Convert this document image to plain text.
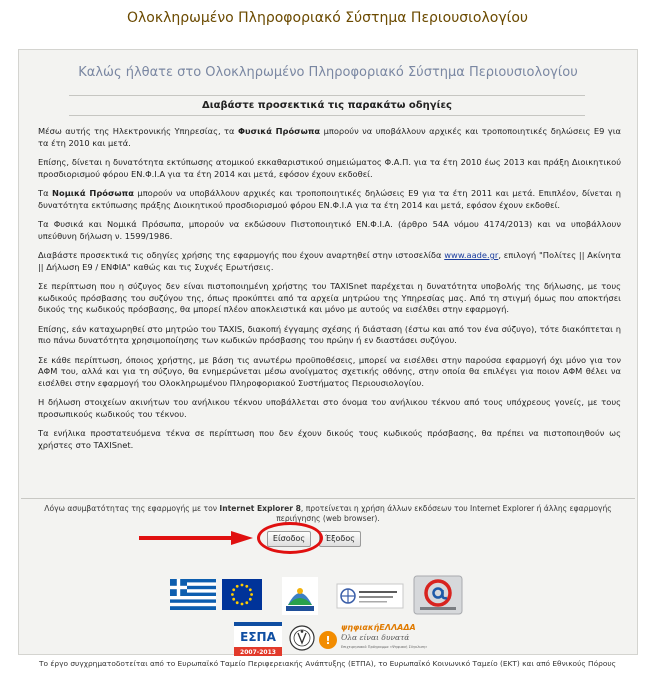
Ολοκληρωμένο Πληροφοριακό Σύστημα Περιουσιολογίου
Καλώς ήλθατε στο Ολοκληρωμένο Πληροφοριακό Σύστημα Περιουσιολογίου
Διαβάστε προσεκτικά τις παρακάτω οδηγίες

Μέσω αυτής της Ηλεκτρονικής Υπηρεσίας, τα Φυσικά Πρόσωπα μπορούν να υποβάλλουν αρχικές και τροποποιητικές δηλώσεις Ε9 για τα έτη 2010 και μετά.

Επίσης, δίνεται η δυνατότητα εκτύπωσης ατομικού εκκαθαριστικού σημειώματος Φ.Α.Π. για τα έτη 2010 έως 2013 και πράξη Διοικητικού προσδιορισμού φόρου ΕΝ.Φ.Ι.Α για τα έτη 2014 και μετά, εφόσον έχουν εκδοθεί.

Τα Νομικά Πρόσωπα μπορούν να υποβάλλουν αρχικές και τροποποιητικές δηλώσεις Ε9 για τα έτη 2011 και μετά. Επιπλέον, δίνεται η δυνατότητα εκτύπωσης πράξης Διοικητικού προσδιορισμού φόρου ΕΝ.Φ.Ι.Α για τα έτη 2014 και μετά, εφόσον έχουν εκδοθεί.

Τα Φυσικά και Νομικά Πρόσωπα, μπορούν να εκδώσουν Πιστοποιητικό ΕΝ.Φ.Ι.Α. (άρθρο 54Α νόμου 4174/2013) και να υποβάλλουν υπεύθυνη δήλωση ν. 1599/1986.

Διαβάστε προσεκτικά τις οδηγίες χρήσης της εφαρμογής που έχουν αναρτηθεί στην ιστοσελίδα www.aade.gr, επιλογή "Πολίτες || Ακίνητα || Δήλωση Ε9 / ΕΝΦΙΑ" καθώς και τις Συχνές Ερωτήσεις.

Σε περίπτωση που η σύζυγος δεν είναι πιστοποιημένη χρήστης του TAXISnet παρέχεται η δυνατότητα υποβολής της δήλωσης, με τους κωδικούς πρόσβασης του συζύγου της, όπως προκύπτει από τα αρχεία μητρώου της Υπηρεσίας μας. Από τη στιγμή όμως που αποκτήσει δικούς της κωδικούς πρόσβασης, θα μπορεί πλέον αποκλειστικά και μόνο με αυτούς να εισέλθει στην εφαρμογή.

Επίσης, εάν καταχωρηθεί στο μητρώο του TAXIS, διακοπή έγγαμης σχέσης ή διάσταση (έστω και από τον ένα σύζυγο), τότε διακόπτεται η πιο πάνω δυνατότητα χρησιμοποίησης των κωδικών πρόσβασης του πρώην ή εν διαστάσει συζύγου.

Σε κάθε περίπτωση, όποιος χρήστης, με βάση τις ανωτέρω προϋποθέσεις, μπορεί να εισέλθει στην παρούσα εφαρμογή όχι μόνο για τον ΑΦΜ του, αλλά και για τη σύζυγο, θα ενημερώνεται μέσω ανοίγματος σχετικής οθόνης, στην οποία θα επιλέγει για ποιον ΑΦΜ θέλει να εισέλθει στην εφαρμογή του Ολοκληρωμένου Πληροφοριακού Συστήματος Περιουσιολογίου.

Η δήλωση στοιχείων ακινήτων του ανήλικου τέκνου υποβάλλεται στο όνομα του ανήλικου τέκνου από τους υπόχρεους γονείς, με τους προσωπικούς κωδικούς του τέκνου.

Τα ενήλικα προστατευόμενα τέκνα σε περίπτωση που δεν έχουν δικούς τους κωδικούς πρόσβασης, θα πρέπει να πιστοποιηθούν ως χρήστες στο TAXISnet.

Λόγω ασυμβατότητας της εφαρμογής με τον Internet Explorer 8, προτείνεται η χρήση άλλων εκδόσεων του Internet Explorer ή άλλης εφαρμογής περιήγησης (web browser).
Είσοδος	Έξοδος
ΕΣΠΑ
2007-2013
!
ψηφιακήΕΛΛΑΔΑ
Όλα είναι δυνατά
Επιχειρησιακό Πρόγραμμα «Ψηφιακή Σύγκλιση»
Το έργο συγχρηματοδοτείται από το Ευρωπαϊκό Ταμείο Περιφερειακής Ανάπτυξης (ΕΤΠΑ), το Ευρωπαϊκό Κοινωνικό Ταμείο (ΕΚΤ) και από Εθνικούς Πόρους
